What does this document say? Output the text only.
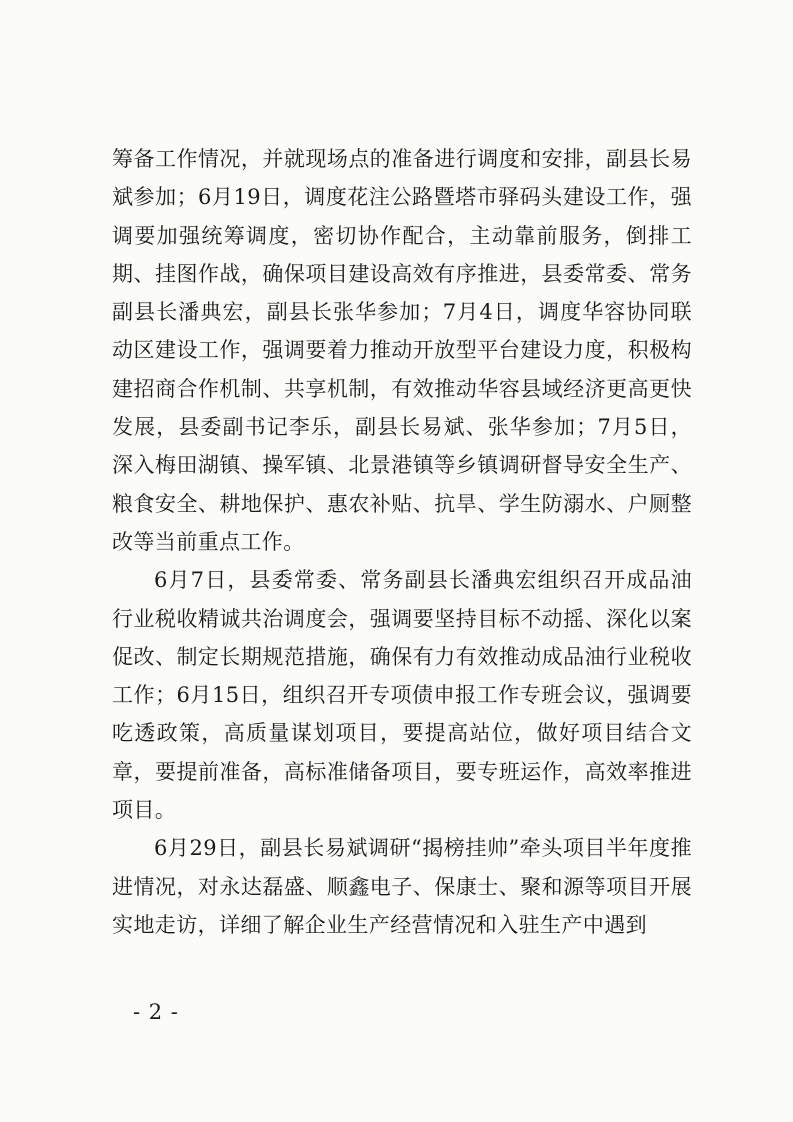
筹备工作情况，并就现场点的准备进行调度和安排，副县长易斌参加；6月19日，调度花注公路暨塔市驿码头建设工作，强调要加强统筹调度，密切协作配合，主动靠前服务，倒排工期、挂图作战，确保项目建设高效有序推进，县委常委、常务副县长潘典宏，副县长张华参加；7月4日，调度华容协同联动区建设工作，强调要着力推动开放型平台建设力度，积极构建招商合作机制、共享机制，有效推动华容县域经济更高更快发展，县委副书记李乐，副县长易斌、张华参加；7月5日，深入梅田湖镇、操军镇、北景港镇等乡镇调研督导安全生产、粮食安全、耕地保护、惠农补贴、抗旱、学生防溺水、户厕整改等当前重点工作。

6月7日，县委常委、常务副县长潘典宏组织召开成品油行业税收精诚共治调度会，强调要坚持目标不动摇、深化以案促改、制定长期规范措施，确保有力有效推动成品油行业税收工作；6月15日，组织召开专项债申报工作专班会议，强调要吃透政策，高质量谋划项目，要提高站位，做好项目结合文章，要提前准备，高标准储备项目，要专班运作，高效率推进项目。

6月29日，副县长易斌调研“揭榜挂帅”牵头项目半年度推进情况，对永达磊盛、顺鑫电子、保康士、聚和源等项目开展实地走访，详细了解企业生产经营情况和入驻生产中遇到

- 2 -
